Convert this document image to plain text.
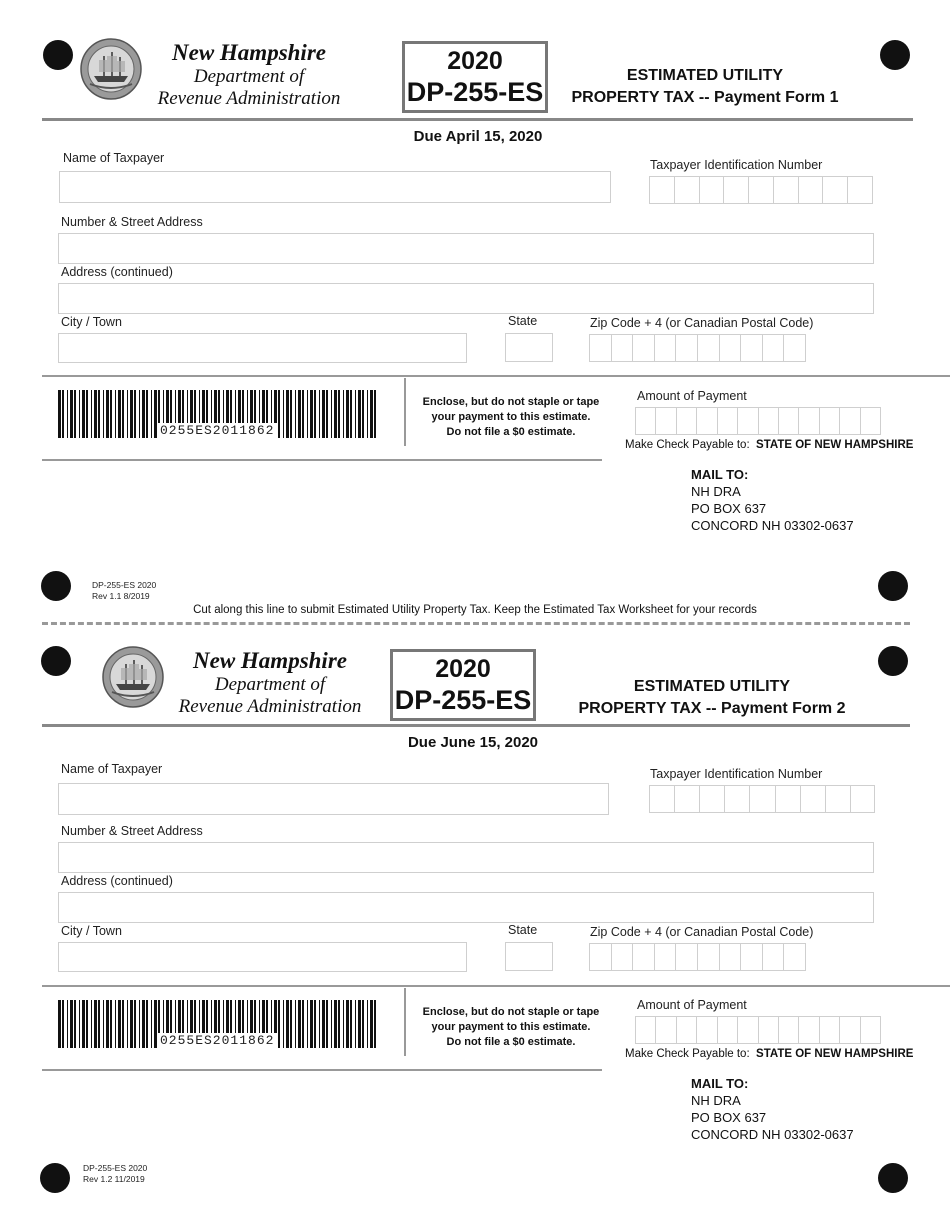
New Hampshire
Department of
Revenue Administration
2020
DP-255-ES
ESTIMATED UTILITY
PROPERTY TAX -- Payment Form 1
Due April 15, 2020
Name of Taxpayer	Taxpayer Identification Number
Number & Street Address
Address (continued)
City / Town	State	Zip Code + 4 (or Canadian Postal Code)
0255ES2011862
Enclose, but do not staple or tape
your payment to this estimate.
Do not file a $0 estimate.
Amount of Payment
Make Check Payable to: STATE OF NEW HAMPSHIRE
MAIL TO:
NH DRA
PO BOX 637
CONCORD NH 03302-0637
DP-255-ES 2020
Rev 1.1 8/2019
Cut along this line to submit Estimated Utility Property Tax. Keep the Estimated Tax Worksheet for your records
New Hampshire
Department of
Revenue Administration
2020
DP-255-ES	ESTIMATED UTILITY
PROPERTY TAX -- Payment Form 2
Due June 15, 2020
Name of Taxpayer	Taxpayer Identification Number
Number & Street Address
Address (continued)
City / Town	State	Zip Code + 4 (or Canadian Postal Code)
0255ES2011862
Enclose, but do not staple or tape
your payment to this estimate.
Do not file a $0 estimate.
Amount of Payment
Make Check Payable to: STATE OF NEW HAMPSHIRE
MAIL TO:
NH DRA
PO BOX 637
CONCORD NH 03302-0637
DP-255-ES 2020
Rev 1.2 11/2019
